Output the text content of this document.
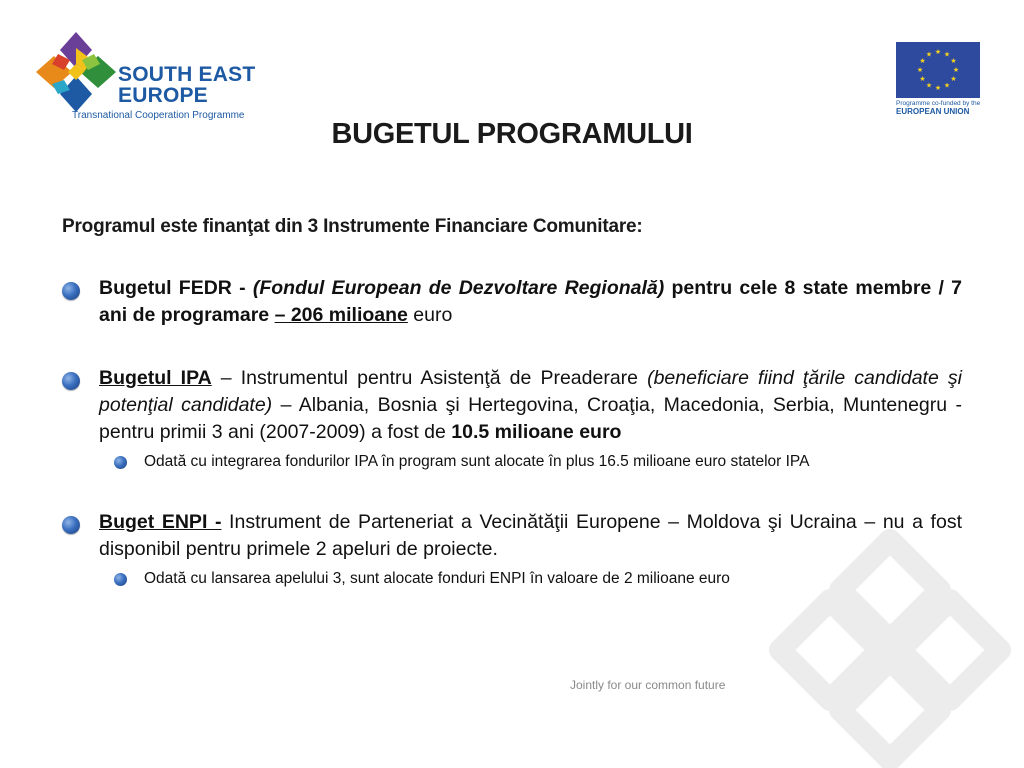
SOUTH EAST
EUROPE
Transnational Cooperation Programme
★ ★
★
★
★
★
★
★
★
★
★
★
Programme co-funded by the
EUROPEAN UNION
BUGETUL PROGRAMULUI
Programul este finanţat din 3 Instrumente Financiare Comunitare:
Bugetul FEDR - (Fondul European de Dezvoltare Regională) pentru cele 8 state membre / 7 ani de programare – 206 milioane euro
Bugetul IPA – Instrumentul pentru Asistenţă de Preaderare (beneficiare fiind ţările candidate şi potenţial candidate) – Albania, Bosnia şi Hertegovina, Croaţia, Macedonia, Serbia, Muntenegru - pentru primii 3 ani (2007-2009) a fost de 10.5 milioane euro
Odată cu integrarea fondurilor IPA în program sunt alocate în plus 16.5 milioane euro statelor IPA
Buget ENPI - Instrument de Parteneriat a Vecinătăţii Europene – Moldova şi Ucraina – nu a fost disponibil pentru primele 2 apeluri de proiecte.
Odată cu lansarea apelului 3, sunt alocate fonduri ENPI în valoare de 2 milioane euro
Jointly for our common future
